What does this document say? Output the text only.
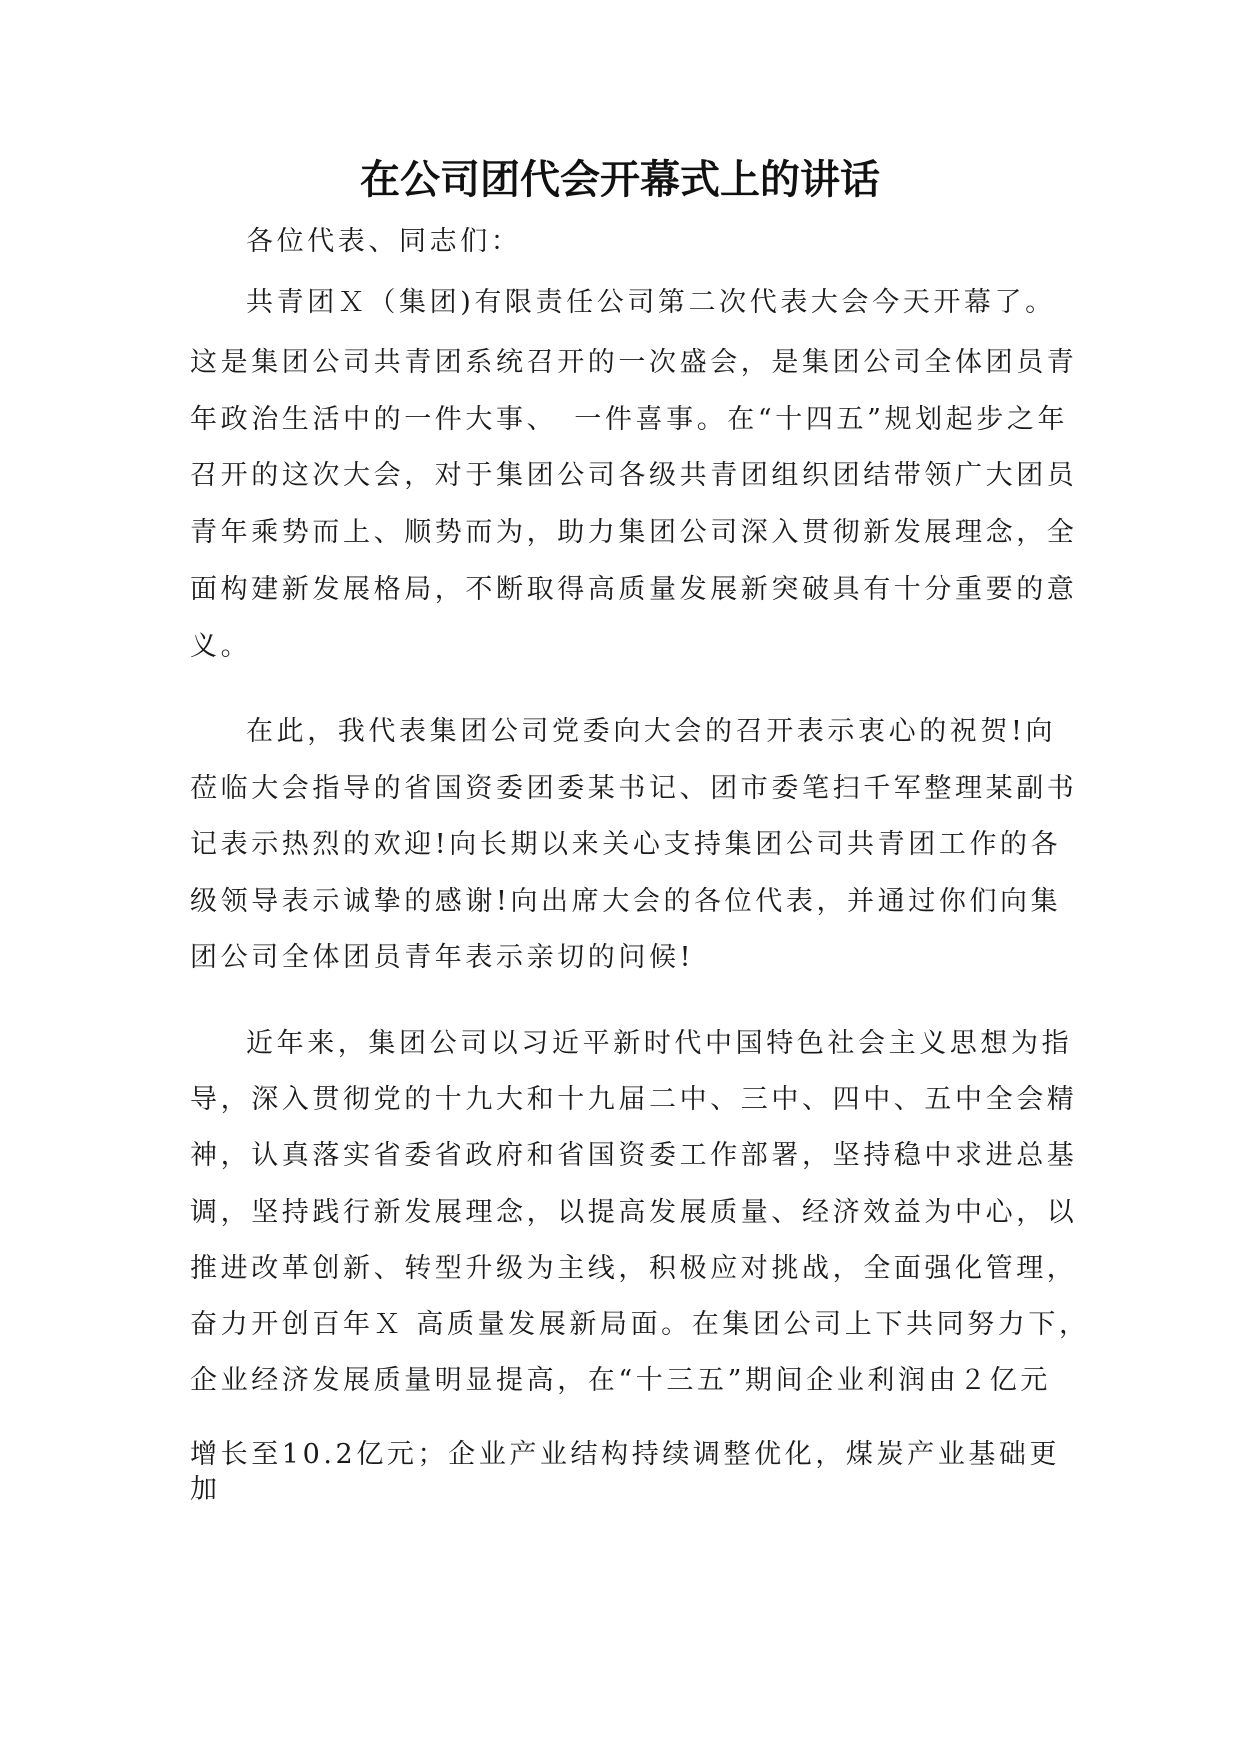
在公司团代会开幕式上的讲话
各位代表、同志们：
共青团Ｘ（集团)有限责任公司第二次代表大会今天开幕了。
这是集团公司共青团系统召开的一次盛会，是集团公司全体团员青
年政治生活中的一件大事、　一件喜事。在“十四五”规划起步之年
召开的这次大会，对于集团公司各级共青团组织团结带领广大团员
青年乘势而上、顺势而为，助力集团公司深入贯彻新发展理念，全
面构建新发展格局，不断取得高质量发展新突破具有十分重要的意
义。
在此，我代表集团公司党委向大会的召开表示衷心的祝贺!向
莅临大会指导的省国资委团委某书记、团市委笔扫千军整理某副书
记表示热烈的欢迎!向长期以来关心支持集团公司共青团工作的各
级领导表示诚挚的感谢!向出席大会的各位代表，并通过你们向集
团公司全体团员青年表示亲切的问候!
近年来，集团公司以习近平新时代中国特色社会主义思想为指
导，深入贯彻党的十九大和十九届二中、三中、四中、五中全会精
神，认真落实省委省政府和省国资委工作部署，坚持稳中求进总基
调，坚持践行新发展理念，以提高发展质量、经济效益为中心，以
推进改革创新、转型升级为主线，积极应对挑战，全面强化管理，
奋力开创百年Ｘ 高质量发展新局面。在集团公司上下共同努力下，
企业经济发展质量明显提高，在“十三五”期间企业利润由２亿元
增长至10.2亿元；企业产业结构持续调整优化，煤炭产业基础更
加
